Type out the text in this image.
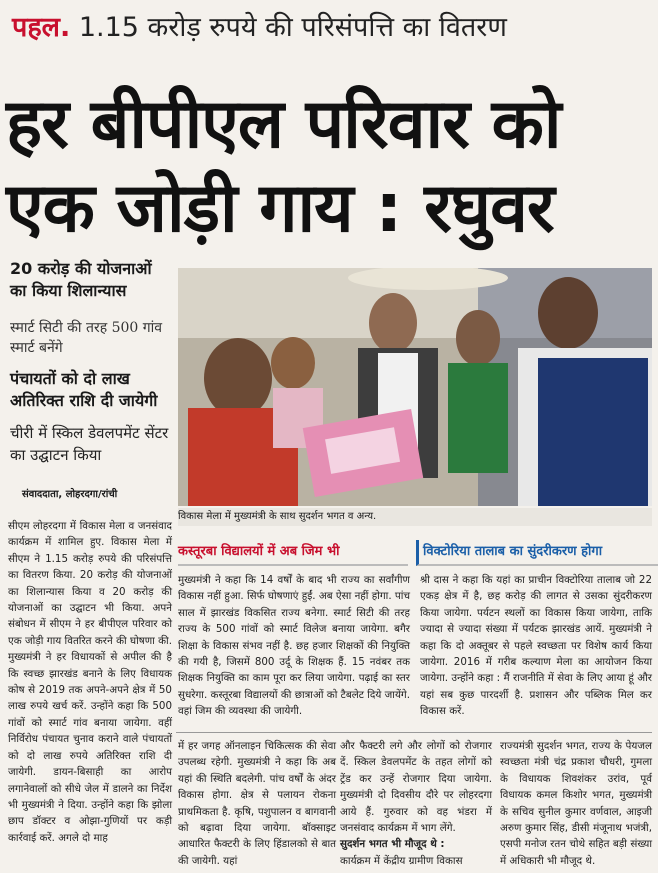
पहल. 1.15 करोड़ रुपये की परिसंपत्ति का वितरण
हर बीपीएल परिवार को
एक जोड़ी गाय : रघुवर
20 करोड़ की योजनाओं का किया शिलान्यास
स्मार्ट सिटी की तरह 500 गांव स्मार्ट बनेंगे
पंचायतों को दो लाख अतिरिक्त राशि दी जायेगी
चीरी में स्किल डेवलपमेंट सेंटर का उद्घाटन किया
संवाददाता, लोहरदगा/रांची
विकास मेला में मुख्यमंत्री के साथ सुदर्शन भगत व अन्य.
कस्तूरबा विद्यालयों में अब जिम भी	विक्टोरिया तालाब का सुंदरीकरण होगा

सीएम लोहरदगा में विकास मेला व जनसंवाद कार्यक्रम में शामिल हुए. विकास मेला में सीएम ने 1.15 करोड़ रुपये की परिसंपत्ति का वितरण किया. 20 करोड़ की योजनाओं का शिलान्यास किया व 20 करोड़ की योजनाओं का उद्घाटन भी किया. अपने संबोधन में सीएम ने हर बीपीएल परिवार को एक जोड़ी गाय वितरित करने की घोषणा की. मुख्यमंत्री ने हर विधायकों से अपील की है कि स्वच्छ झारखंड बनाने के लिए विधायक कोष से 2019 तक अपने-अपने क्षेत्र में 50 लाख रुपये खर्च करें. उन्होंने कहा कि 500 गांवों को स्मार्ट गांव बनाया जायेगा. वहीं निर्विरोध पंचायत चुनाव कराने वाले पंचायतों को दो लाख रुपये अतिरिक्त राशि दी जायेगी. डायन-बिसाही का आरोप लगानेवालों को सीधे जेल में डालने का निर्देश भी मुख्यमंत्री ने दिया. उन्होंने कहा कि झोला छाप डॉक्टर व ओझा-गुणियों पर कड़ी कार्रवाई करें. अगले दो माह

मुख्यमंत्री ने कहा कि 14 वर्षों के बाद भी राज्य का सर्वांगीण विकास नहीं हुआ. सिर्फ घोषणाएं हुईं. अब ऐसा नहीं होगा. पांच साल में झारखंड विकसित राज्य बनेगा. स्मार्ट सिटी की तरह राज्य के 500 गांवों को स्मार्ट विलेज बनाया जायेगा. बगैर शिक्षा के विकास संभव नहीं है. छह हजार शिक्षकों की नियुक्ति की गयी है, जिसमें 800 उर्दू के शिक्षक हैं. 15 नवंबर तक शिक्षक नियुक्ति का काम पूरा कर लिया जायेगा. पढ़ाई का स्तर सुधरेगा. कस्तूरबा विद्यालयों की छात्राओं को टैबलेट दिये जायेंगे. वहां जिम की व्यवस्था की जायेगी.

श्री दास ने कहा कि यहां का प्राचीन विक्टोरिया तालाब जो 22 एकड़ क्षेत्र में है, छह करोड़ की लागत से उसका सुंदरीकरण किया जायेगा. पर्यटन स्थलों का विकास किया जायेगा, ताकि ज्यादा से ज्यादा संख्या में पर्यटक झारखंड आयें. मुख्यमंत्री ने कहा कि दो अक्तूबर से पहले स्वच्छता पर विशेष कार्य किया जायेगा. 2016 में गरीब कल्याण मेला का आयोजन किया जायेगा. उन्होंने कहा : मैं राजनीति में सेवा के लिए आया हूं और यहां सब कुछ पारदर्शी है. प्रशासन और पब्लिक मिल कर विकास करें.

में हर जगह ऑनलाइन चिकित्सक की सेवा उपलब्ध रहेगी. मुख्यमंत्री ने कहा कि अब यहां की स्थिति बदलेगी. पांच वर्षों के अंदर विकास होगा. क्षेत्र से पलायन रोकना प्राथमिकता है. कृषि, पशुपालन व बागवानी को बढ़ावा दिया जायेगा. बॉक्साइट आधारित फैक्टरी के लिए हिंडालको से बात की जायेगी. यहां

और फैक्टरी लगे और लोगों को रोजगार दें. स्किल डेवलपमेंट के तहत लोगों को ट्रेंड कर उन्हें रोजगार दिया जायेगा. मुख्यमंत्री दो दिवसीय दौरे पर लोहरदगा आये हैं. गुरुवार को वह भंडरा में जनसंवाद कार्यक्रम में भाग लेंगे.

सुदर्शन भगत भी मौजूद थे :

कार्यक्रम में केंद्रीय ग्रामीण विकास

राज्यमंत्री सुदर्शन भगत, राज्य के पेयजल स्वच्छता मंत्री चंद्र प्रकाश चौधरी, गुमला के विधायक शिवशंकर उरांव, पूर्व विधायक कमल किशोर भगत, मुख्यमंत्री के सचिव सुनील कुमार वर्णवाल, आइजी अरुण कुमार सिंह, डीसी मंजूनाथ भजंत्री, एसपी मनोज रतन चोथे सहित बड़ी संख्या में अधिकारी भी मौजूद थे.
